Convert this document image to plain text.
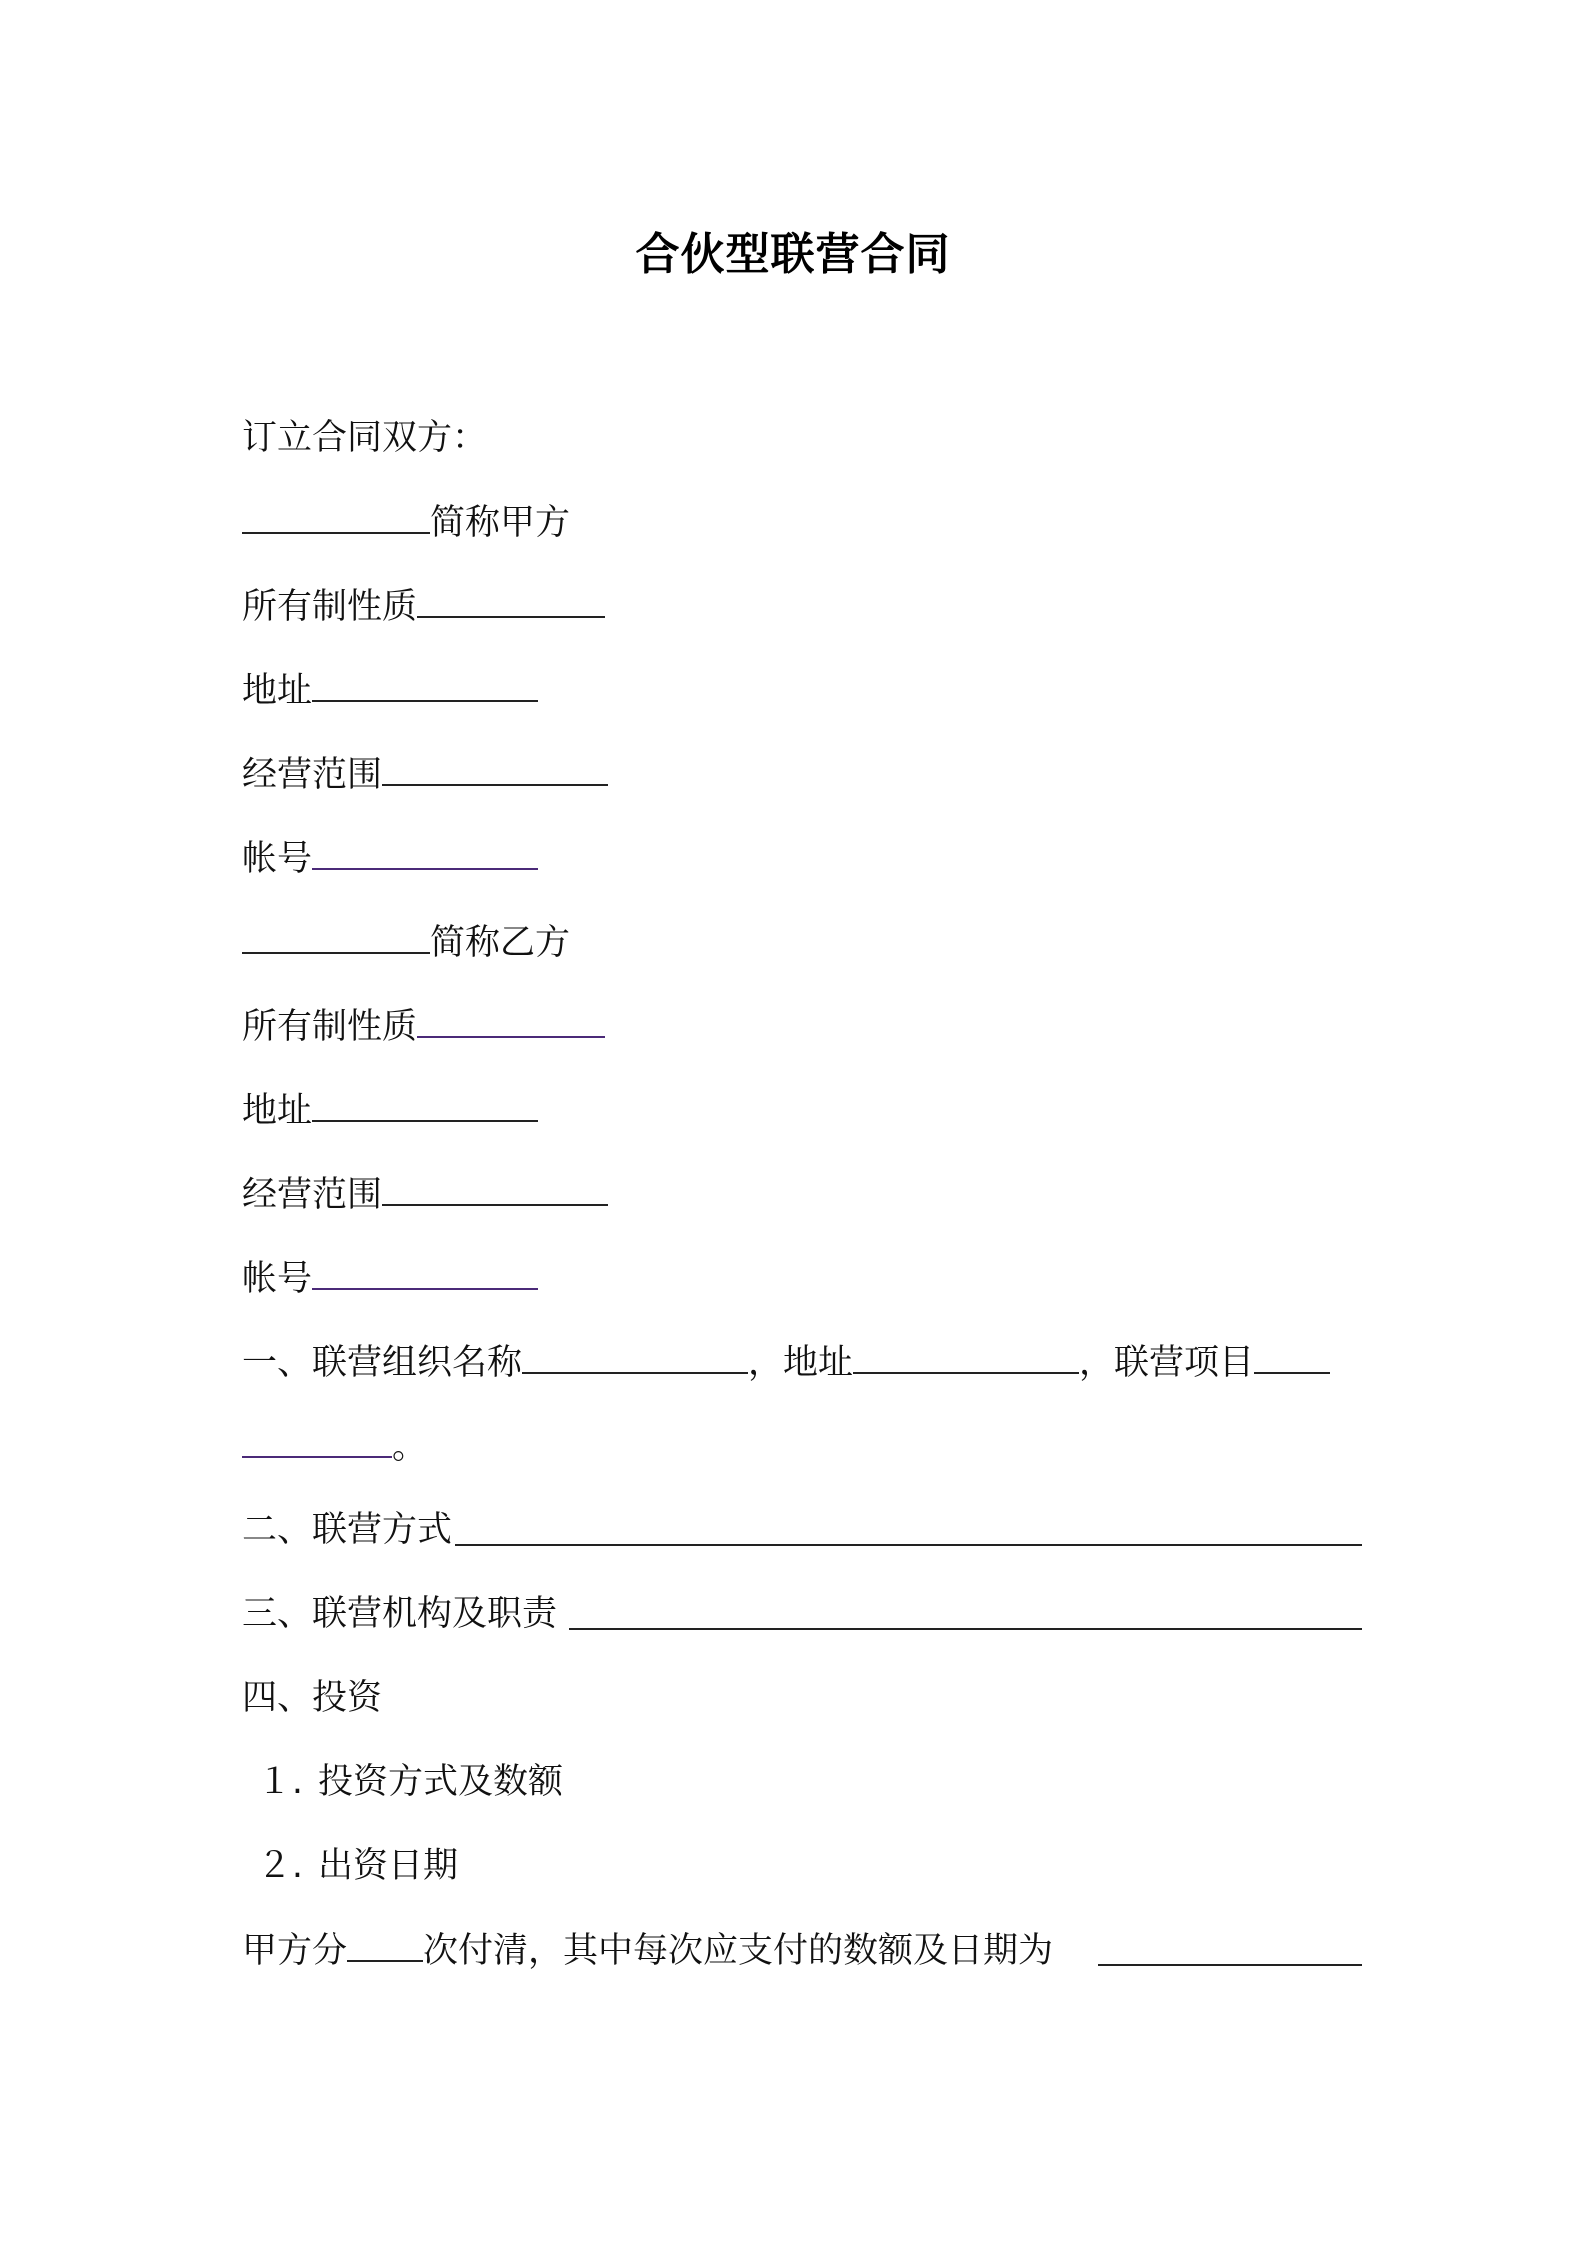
合伙型联营合同
订立合同双方：
简称甲方
所有制性质
地址
经营范围
帐号
简称乙方
所有制性质
地址
经营范围
帐号
一、联营组织名称	，地址	，联营项目
。
二、联营方式
三、联营机构及职责
四、投资
１. 投资方式及数额
２. 出资日期
甲方分 次付清，其中每次应支付的数额及日期为
